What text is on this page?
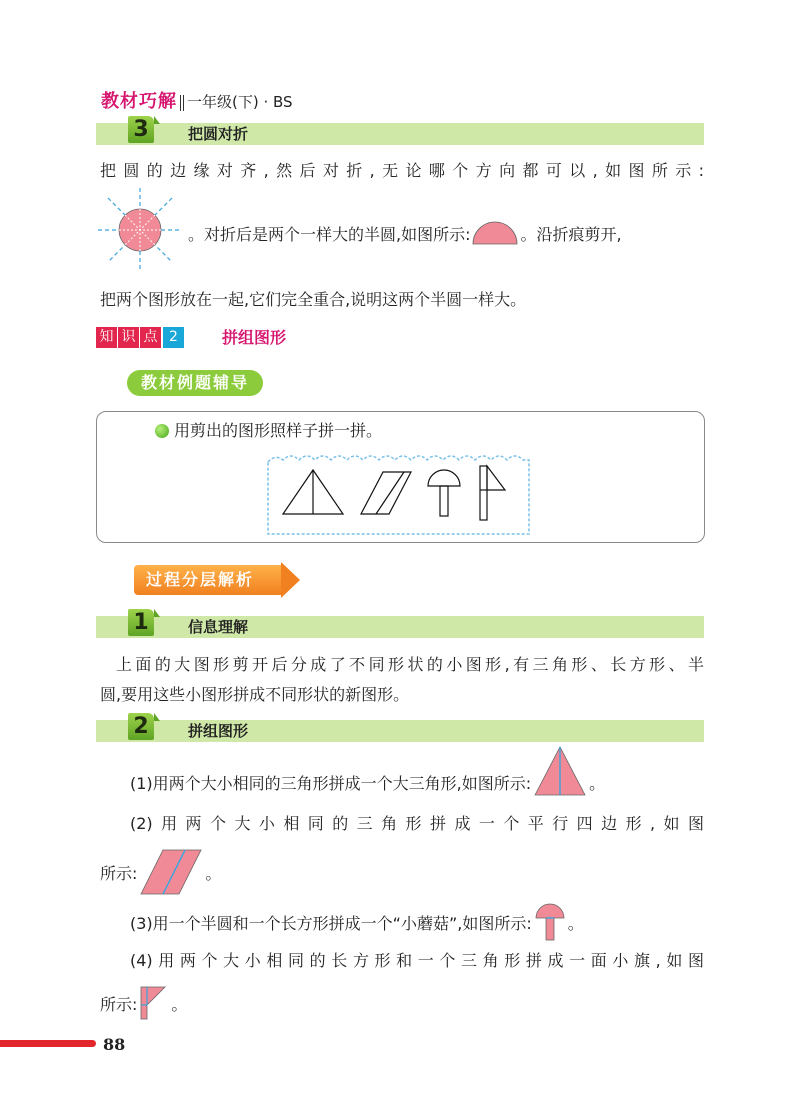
教材巧解 一年级(下) · BS
3	把圆对折
把圆的边缘对齐,然后对折,无论哪个方向都可以,如图所示:
。对折后是两个一样大的半圆,如图所示:	。沿折痕剪开,
把两个图形放在一起,它们完全重合,说明这两个半圆一样大。
知 识 点 2	拼组图形
教材例题辅导
用剪出的图形照样子拼一拼。
过程分层解析
1	信息理解
上面的大图形剪开后分成了不同形状的小图形,有三角形、长方形、半
圆,要用这些小图形拼成不同形状的新图形。
2	拼组图形
(1)用两个大小相同的三角形拼成一个大三角形,如图所示:	。
(2)用两个大小相同的三角形拼成一个平行四边形,如图
所示:	。
(3)用一个半圆和一个长方形拼成一个“小蘑菇”,如图所示: 。
(4)用两个大小相同的长方形和一个三角形拼成一面小旗,如图
所示: 。
88
